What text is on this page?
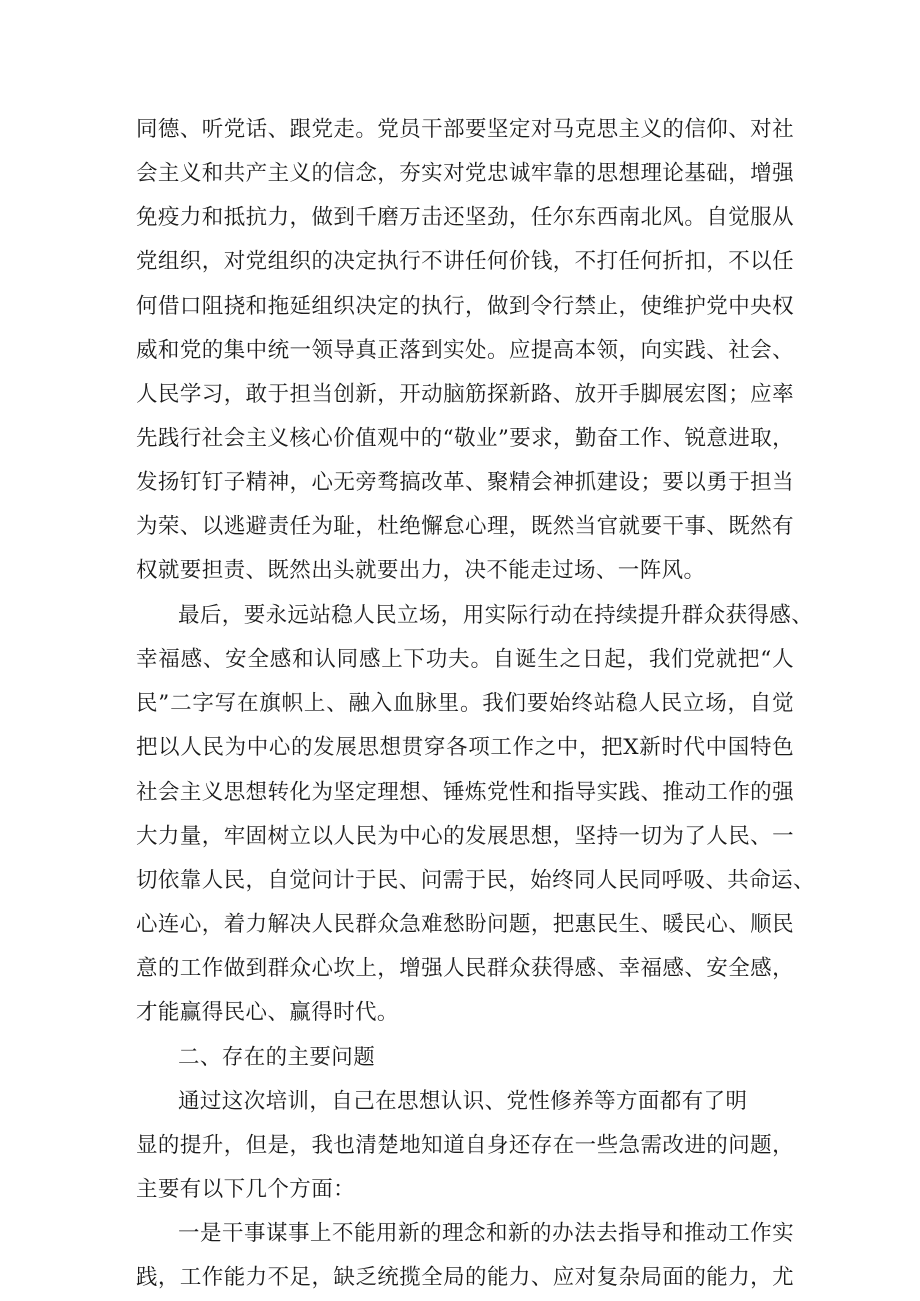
同德、听党话、跟党走。党员干部要坚定对马克思主义的信仰、对社
会主义和共产主义的信念，夯实对党忠诚牢靠的思想理论基础，增强
免疫力和抵抗力，做到千磨万击还坚劲，任尔东西南北风。自觉服从
党组织，对党组织的决定执行不讲任何价钱，不打任何折扣，不以任
何借口阻挠和拖延组织决定的执行，做到令行禁止，使维护党中央权
威和党的集中统一领导真正落到实处。应提高本领，向实践、社会、
人民学习，敢于担当创新，开动脑筋探新路、放开手脚展宏图；应率
先践行社会主义核心价值观中的“敬业”要求，勤奋工作、锐意进取，
发扬钉钉子精神，心无旁骛搞改革、聚精会神抓建设；要以勇于担当
为荣、以逃避责任为耻，杜绝懈怠心理，既然当官就要干事、既然有
权就要担责、既然出头就要出力，决不能走过场、一阵风。
最后，要永远站稳人民立场，用实际行动在持续提升群众获得感、
幸福感、安全感和认同感上下功夫。自诞生之日起，我们党就把“人
民”二字写在旗帜上、融入血脉里。我们要始终站稳人民立场，自觉
把以人民为中心的发展思想贯穿各项工作之中，把X新时代中国特色
社会主义思想转化为坚定理想、锤炼党性和指导实践、推动工作的强
大力量，牢固树立以人民为中心的发展思想，坚持一切为了人民、一
切依靠人民，自觉问计于民、问需于民，始终同人民同呼吸、共命运、
心连心，着力解决人民群众急难愁盼问题，把惠民生、暖民心、顺民
意的工作做到群众心坎上，增强人民群众获得感、幸福感、安全感，
才能赢得民心、赢得时代。
二、存在的主要问题
通过这次培训，自己在思想认识、党性修养等方面都有了明
显的提升，但是，我也清楚地知道自身还存在一些急需改进的问题，
主要有以下几个方面：
一是干事谋事上不能用新的理念和新的办法去指导和推动工作实
践，工作能力不足，缺乏统揽全局的能力、应对复杂局面的能力，尤
